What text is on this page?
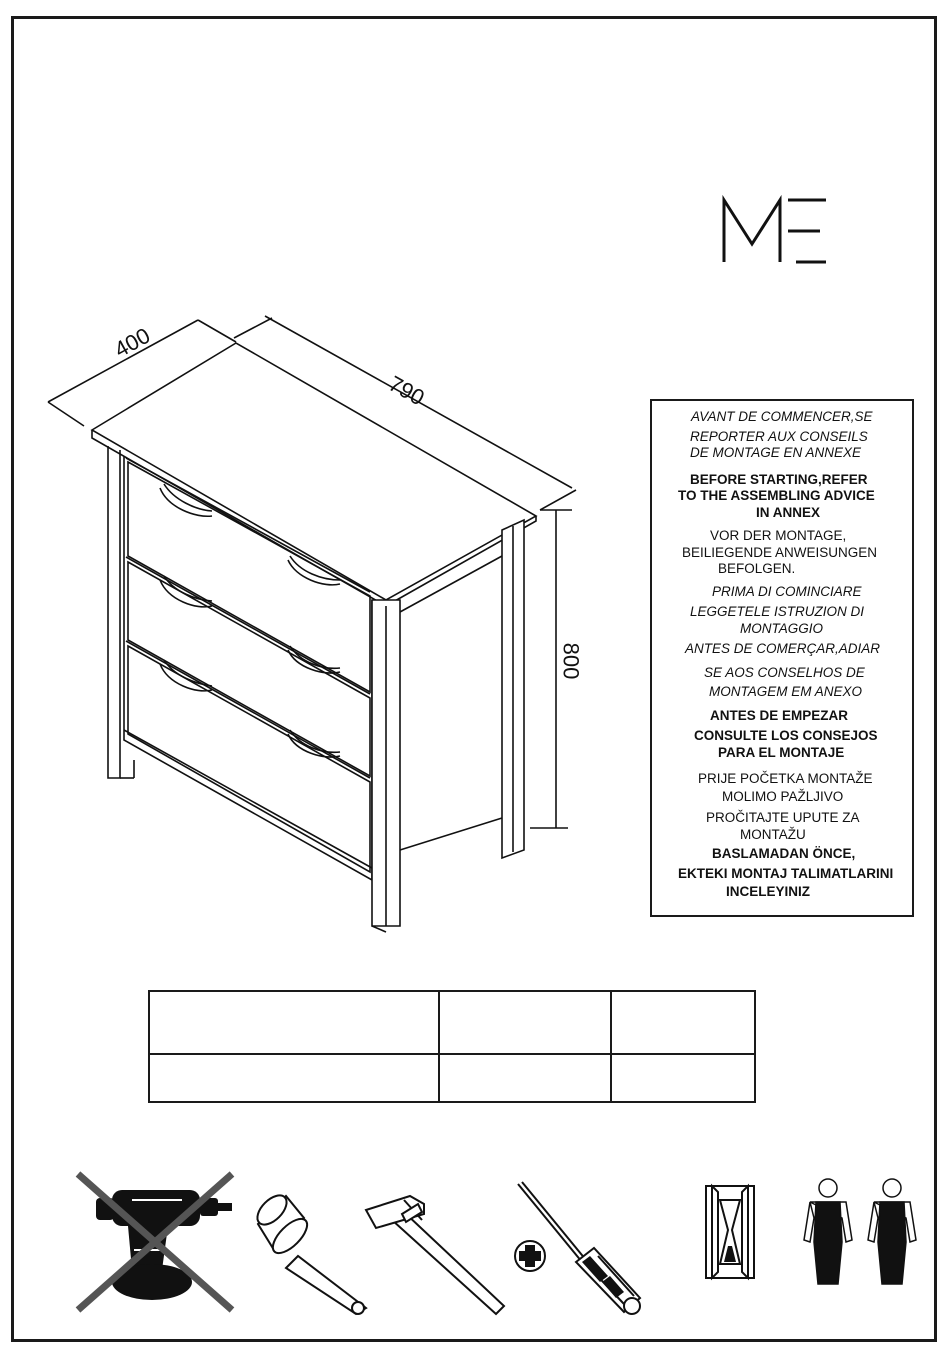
400
790
800
AVANT DE COMMENCER,SE
REPORTER AUX CONSEILS
DE MONTAGE EN ANNEXE
BEFORE STARTING,REFER
TO THE ASSEMBLING ADVICE
IN ANNEX
VOR DER MONTAGE,
BEILIEGENDE ANWEISUNGEN
BEFOLGEN.
PRIMA DI COMINCIARE
LEGGETELE ISTRUZION DI
MONTAGGIO
ANTES DE COMERÇAR,ADIAR
SE AOS CONSELHOS DE
MONTAGEM EM ANEXO
ANTES DE EMPEZAR
CONSULTE LOS CONSEJOS
PARA EL MONTAJE
PRIJE POČETKA MONTAŽE
MOLIMO PAŽLJIVO
PROČITAJTE UPUTE ZA
MONTAŽU
BASLAMADAN ÖNCE,
EKTEKI MONTAJ TALIMATLARINI
INCELEYINIZ
